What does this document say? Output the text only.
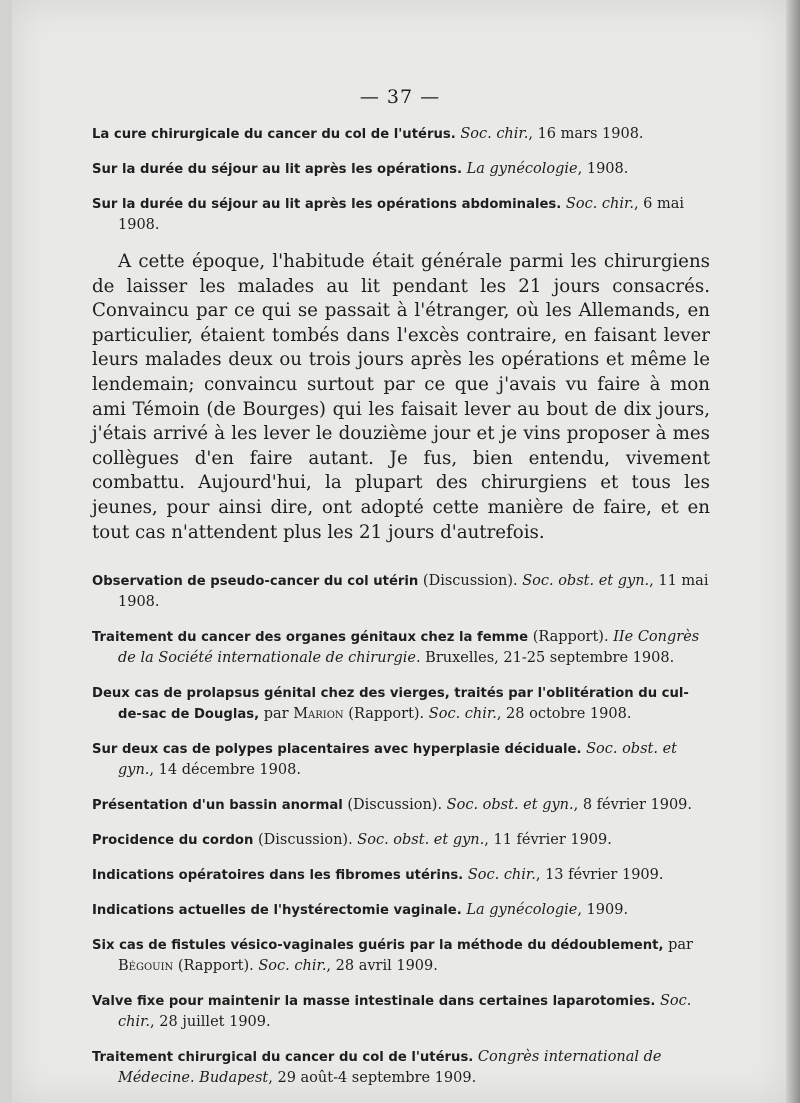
— 37 —
La cure chirurgicale du cancer du col de l'utérus. Soc. chir., 16 mars 1908.
Sur la durée du séjour au lit après les opérations. La gynécologie, 1908.
Sur la durée du séjour au lit après les opérations abdominales. Soc. chir., 6 mai 1908.

A cette époque, l'habitude était générale parmi les chirurgiens de laisser les malades au lit pendant les 21 jours consacrés. Convaincu par ce qui se passait à l'étranger, où les Allemands, en particulier, étaient tombés dans l'excès contraire, en faisant lever leurs malades deux ou trois jours après les opérations et même le lendemain; convaincu surtout par ce que j'avais vu faire à mon ami Témoin (de Bourges) qui les faisait lever au bout de dix jours, j'étais arrivé à les lever le douzième jour et je vins proposer à mes collègues d'en faire autant. Je fus, bien entendu, vivement combattu. Aujourd'hui, la plupart des chirurgiens et tous les jeunes, pour ainsi dire, ont adopté cette manière de faire, et en tout cas n'attendent plus les 21 jours d'autrefois.

Observation de pseudo-cancer du col utérin (Discussion). Soc. obst. et gyn., 11 mai 1908.
Traitement du cancer des organes génitaux chez la femme (Rapport). IIe Congrès de la Société internationale de chirurgie. Bruxelles, 21-25 septembre 1908.
Deux cas de prolapsus génital chez des vierges, traités par l'oblitération du cul-de-sac de Douglas, par Marion (Rapport). Soc. chir., 28 octobre 1908.
Sur deux cas de polypes placentaires avec hyperplasie déciduale. Soc. obst. et gyn., 14 décembre 1908.
Présentation d'un bassin anormal (Discussion). Soc. obst. et gyn., 8 février 1909.
Procidence du cordon (Discussion). Soc. obst. et gyn., 11 février 1909.
Indications opératoires dans les fibromes utérins. Soc. chir., 13 février 1909.
Indications actuelles de l'hystérectomie vaginale. La gynécologie, 1909.
Six cas de fistules vésico-vaginales guéris par la méthode du dédoublement, par Bégouin (Rapport). Soc. chir., 28 avril 1909.
Valve fixe pour maintenir la masse intestinale dans certaines laparotomies. Soc. chir., 28 juillet 1909.
Traitement chirurgical du cancer du col de l'utérus. Congrès international de Médecine. Budapest, 29 août-4 septembre 1909.
